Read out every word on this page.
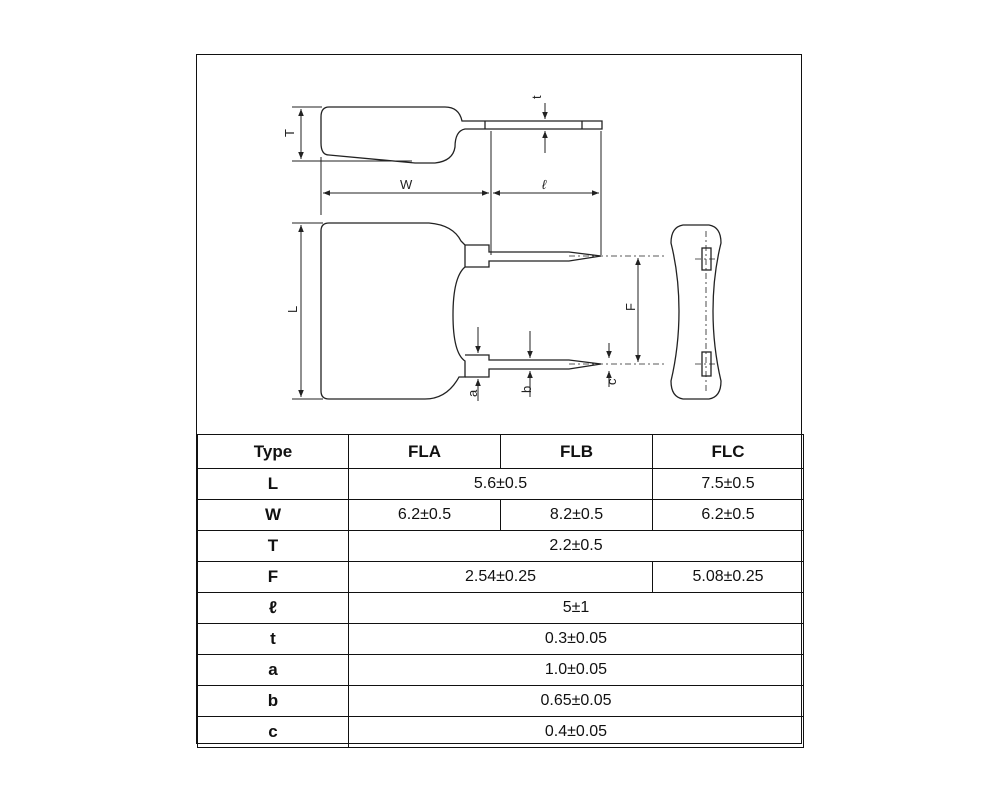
T
t
W	ℓ
L	F
c
a
b
Type	FLA	FLB	FLC
L	5.6±0.5		7.5±0.5
W	6.2±0.5	8.2±0.5	6.2±0.5
T	2.2±0.5		
F	2.54±0.25		5.08±0.25
ℓ	5±1		
t	0.3±0.05		
a	1.0±0.05		
b	0.65±0.05		
c	0.4±0.05		
